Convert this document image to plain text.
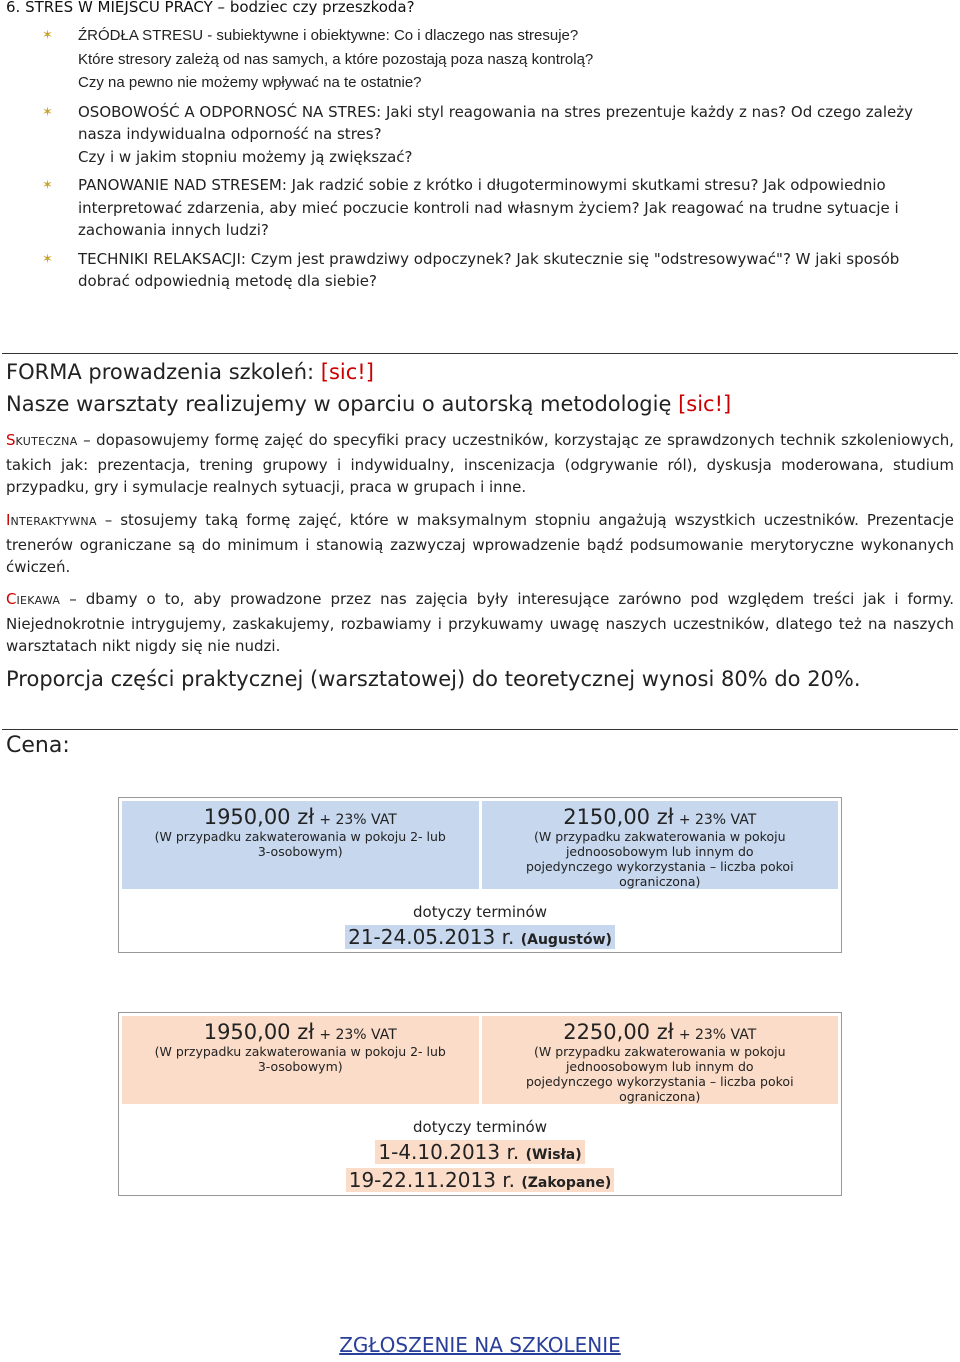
6. STRES W MIEJSCU PRACY – bodziec czy przeszkoda?
✶ ŹRÓDŁA STRESU - subiektywne i obiektywne: Co i dlaczego nas stresuje?
Które stresory zależą od nas samych, a które pozostają poza naszą kontrolą?
Czy na pewno nie możemy wpływać na te ostatnie?
✶ OSOBOWOŚĆ A ODPORNOSĆ NA STRES: Jaki styl reagowania na stres prezentuje każdy z nas? Od czego zależy nasza indywidualna odporność na stres?
Czy i w jakim stopniu możemy ją zwiększać?
✶ PANOWANIE NAD STRESEM: Jak radzić sobie z krótko i długoterminowymi skutkami stresu? Jak odpowiednio interpretować zdarzenia, aby mieć poczucie kontroli nad własnym życiem? Jak reagować na trudne sytuacje i zachowania innych ludzi?
✶ TECHNIKI RELAKSACJI: Czym jest prawdziwy odpoczynek? Jak skutecznie się "odstresowywać"? W jaki sposób dobrać odpowiednią metodę dla siebie?
FORMA prowadzenia szkoleń: [sic!]
Nasze warsztaty realizujemy w oparciu o autorską metodologię [sic!]
SKUTECZNA – dopasowujemy formę zajęć do specyfiki pracy uczestników, korzystając ze sprawdzonych technik szkoleniowych, takich jak: prezentacja, trening grupowy i indywidualny, inscenizacja (odgrywanie ról), dyskusja moderowana, studium przypadku, gry i symulacje realnych sytuacji, praca w grupach i inne.
INTERAKTYWNA – stosujemy taką formę zajęć, które w maksymalnym stopniu angażują wszystkich uczestników. Prezentacje trenerów ograniczane są do minimum i stanowią zazwyczaj wprowadzenie bądź podsumowanie merytoryczne wykonanych ćwiczeń.
CIEKAWA – dbamy o to, aby prowadzone przez nas zajęcia były interesujące zarówno pod względem treści jak i formy. Niejednokrotnie intrygujemy, zaskakujemy, rozbawiamy i przykuwamy uwagę naszych uczestników, dlatego też na naszych warsztatach nikt nigdy się nie nudzi.
Proporcja części praktycznej (warsztatowej) do teoretycznej wynosi 80% do 20%.
Cena:
1950,00 zł + 23% VAT
(W przypadku zakwaterowania w pokoju 2- lub 3-osobowym)
2150,00 zł + 23% VAT
(W przypadku zakwaterowania w pokoju jednoosobowym lub innym do pojedynczego wykorzystania – liczba pokoi ograniczona)
dotyczy terminów
21-24.05.2013 r. (Augustów)
1950,00 zł + 23% VAT
(W przypadku zakwaterowania w pokoju 2- lub 3-osobowym)
2250,00 zł + 23% VAT
(W przypadku zakwaterowania w pokoju jednoosobowym lub innym do pojedynczego wykorzystania – liczba pokoi ograniczona)
dotyczy terminów
1-4.10.2013 r. (Wisła)
19-22.11.2013 r. (Zakopane)
ZGŁOSZENIE NA SZKOLENIE
